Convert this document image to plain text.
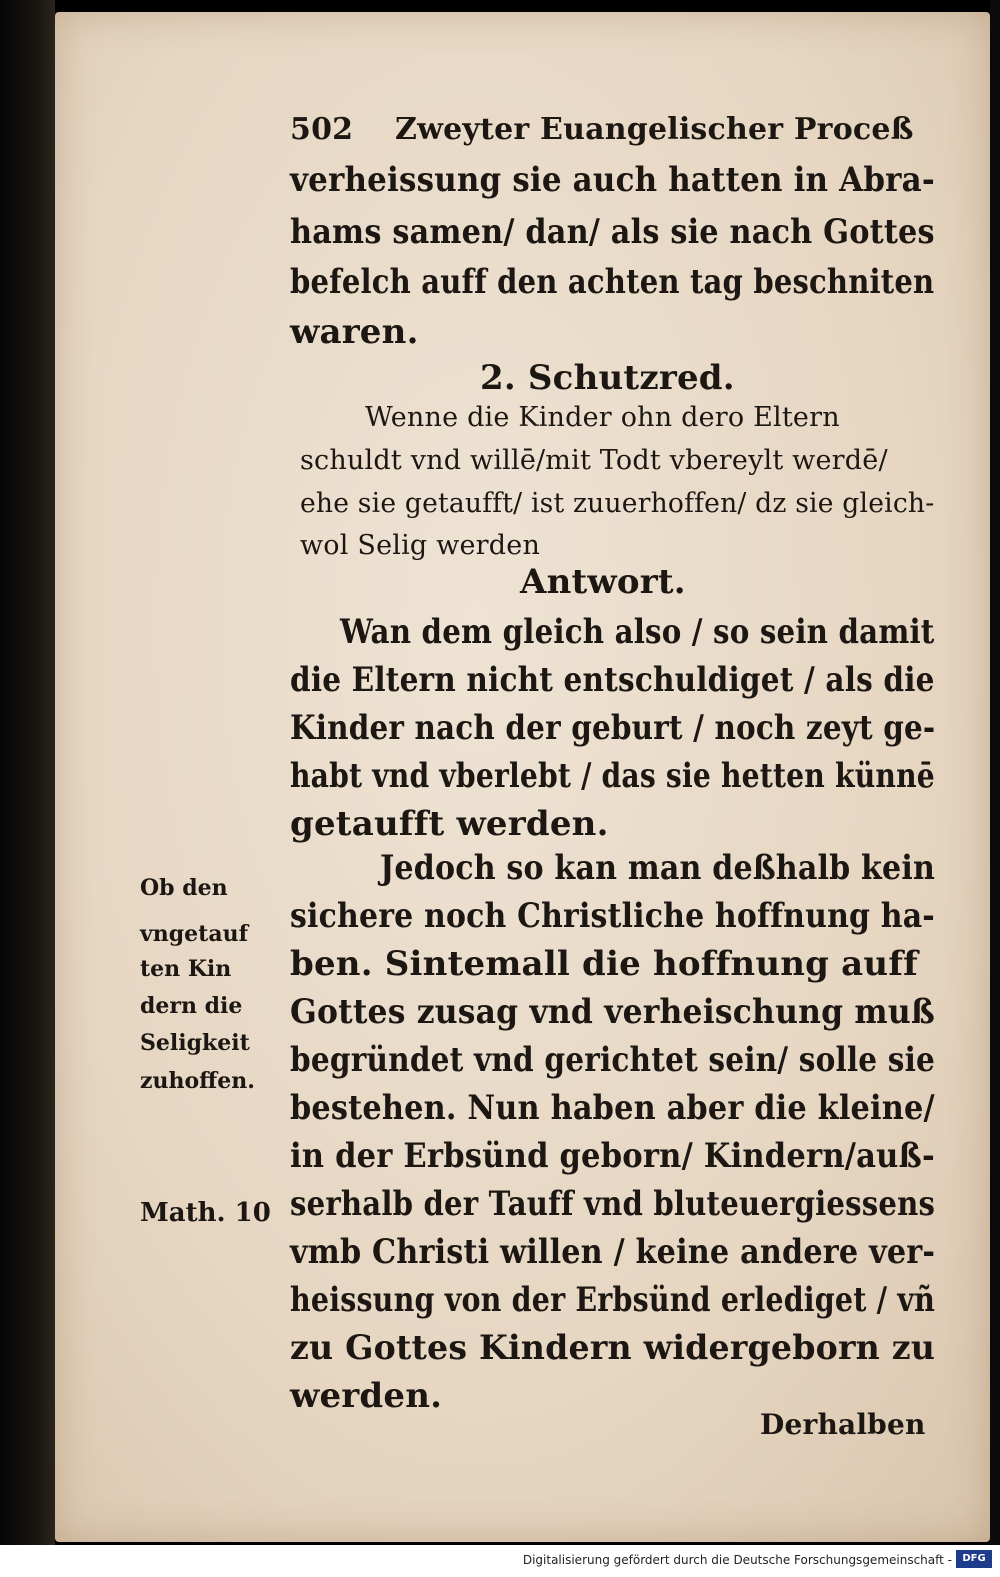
502 Zweyter Euangelischer Proceß
verheissung sie auch hatten in Abra-
hams samen/ dan/ als sie nach Gottes
befelch auff den achten tag beschniten
waren.
2. Schutzred.
Wenne die Kinder ohn dero Eltern
schuldt vnd willē/mit Todt vbereylt werdē/
ehe sie getaufft/ ist zuuerhoffen/ dz sie gleich-
wol Selig werden
Antwort.
Wan dem gleich also / so sein damit
die Eltern nicht entschuldiget / als die
Kinder nach der geburt / noch zeyt ge-
habt vnd vberlebt / das sie hetten künnē
getaufft werden.
Jedoch so kan man deßhalb kein
sichere noch Christliche hoffnung ha-
ben. Sintemall die hoffnung auff
Gottes zusag vnd verheischung muß
begründet vnd gerichtet sein/ solle sie
bestehen. Nun haben aber die kleine/
in der Erbsünd geborn/ Kindern/auß-
serhalb der Tauff vnd bluteuergiessens
vmb Christi willen / keine andere ver-
heissung von der Erbsünd erlediget / vñ
zu Gottes Kindern widergeborn zu
werden.
Derhalben
Ob den
vngetauf
ten Kin
dern die
Seligkeit
zuhoffen.
Math. 10
Digitalisierung gefördert durch die Deutsche Forschungsgemeinschaft -	DFG
